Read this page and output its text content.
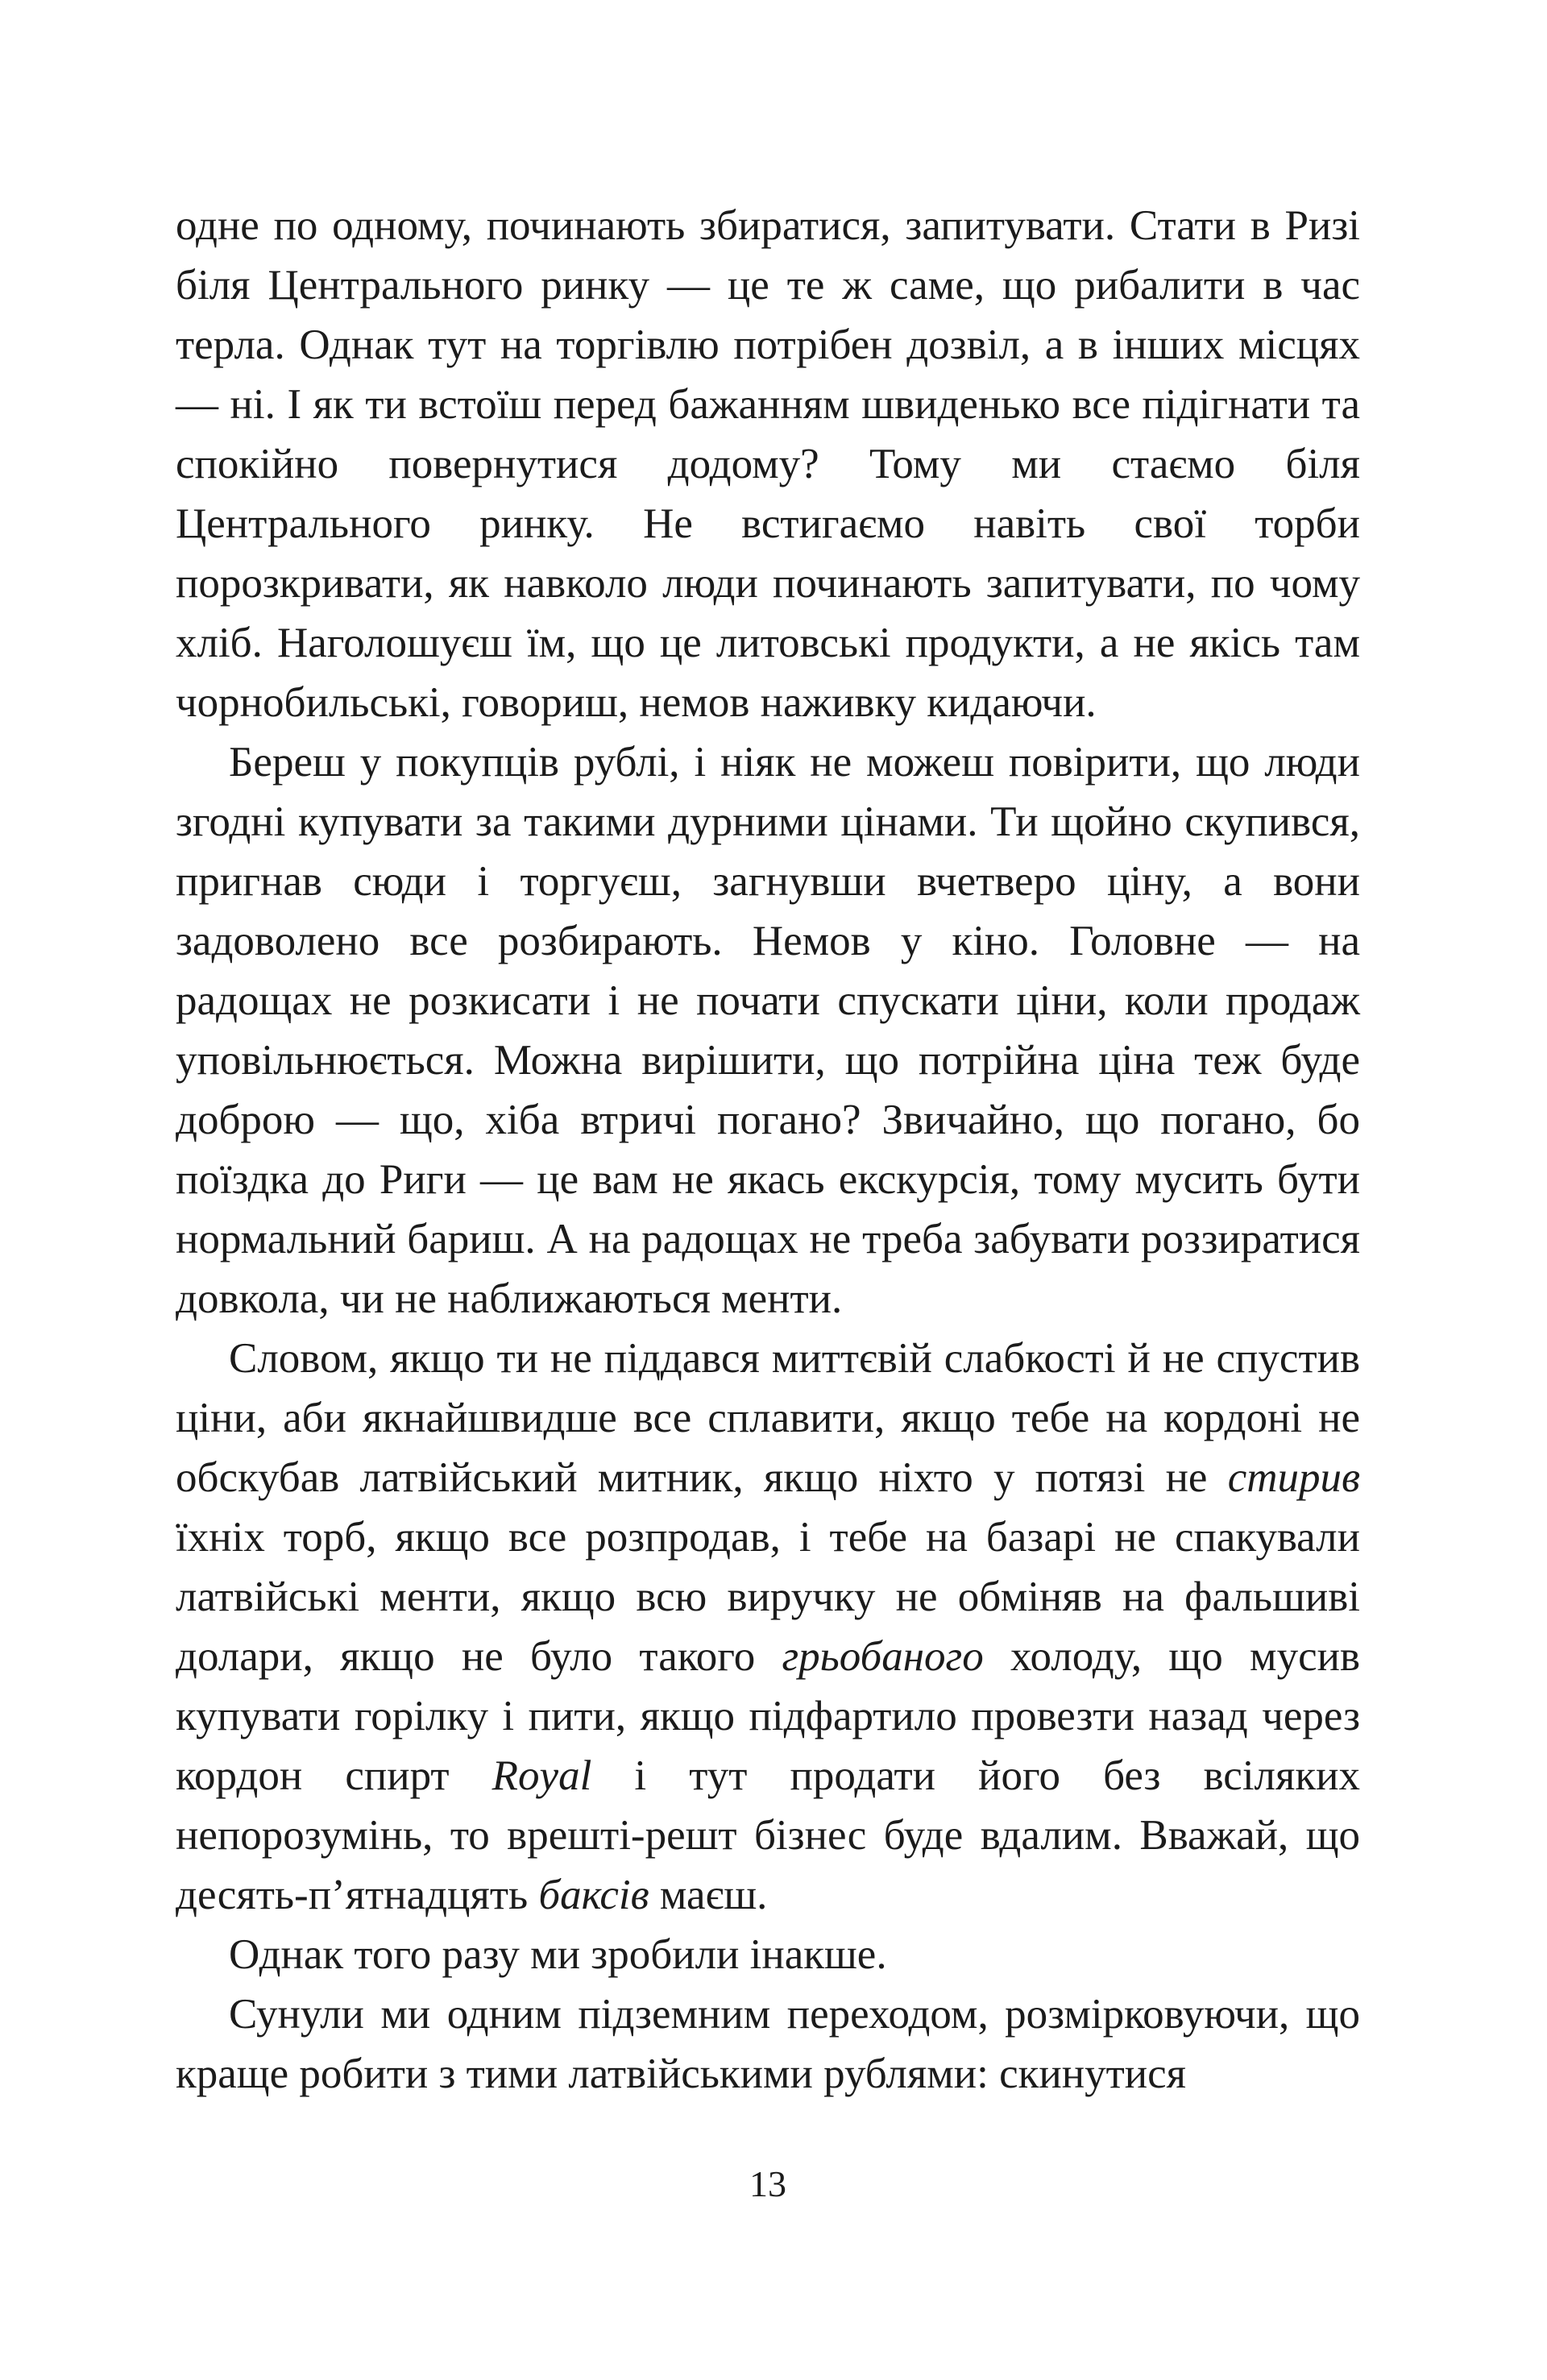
одне по одному, починають збиратися, запитувати. Стати в Ризі біля Центрального ринку — це те ж саме, що рибалити в час терла. Однак тут на торгівлю потрібен дозвіл, а в інших місцях — ні. І як ти встоїш перед бажанням швиденько все підігнати та спокійно повернутися додому? Тому ми стаємо біля Центрального ринку. Не встигаємо навіть свої торби порозкривати, як навколо люди починають запитувати, по чому хліб. Наголошуєш їм, що це литовські продукти, а не якісь там чорнобильські, говориш, немов наживку кидаючи.

Береш у покупців рублі, і ніяк не можеш повірити, що люди згодні купувати за такими дурними цінами. Ти щойно скупився, пригнав сюди і торгуєш, загнувши вчетверо ціну, а вони задоволено все розбирають. Немов у кіно. Головне — на радощах не розкисати і не почати спускати ціни, коли продаж уповільнюється. Можна вирішити, що потрійна ціна теж буде доброю — що, хіба втричі погано? Звичайно, що погано, бо поїздка до Риги — це вам не якась екскурсія, тому мусить бути нормальний бариш. А на радощах не треба забувати роззиратися довкола, чи не наближаються менти.

Словом, якщо ти не піддався миттєвій слабкості й не спустив ціни, аби якнайшвидше все сплавити, якщо тебе на кордоні не обскубав латвійський митник, якщо ніхто у потязі не стирив їхніх торб, якщо все розпродав, і тебе на базарі не спакували латвійські менти, якщо всю виручку не обміняв на фальшиві долари, якщо не було такого грьобаного холоду, що мусив купувати горілку і пити, якщо підфартило провезти назад через кордон спирт Royal і тут продати його без всіляких непорозумінь, то врешті-решт бізнес буде вдалим. Вважай, що десять-п’ятнадцять баксів маєш.

Однак того разу ми зробили інакше.

Сунули ми одним підземним переходом, розмірковуючи, що краще робити з тими латвійськими рублями: скинутися

13
